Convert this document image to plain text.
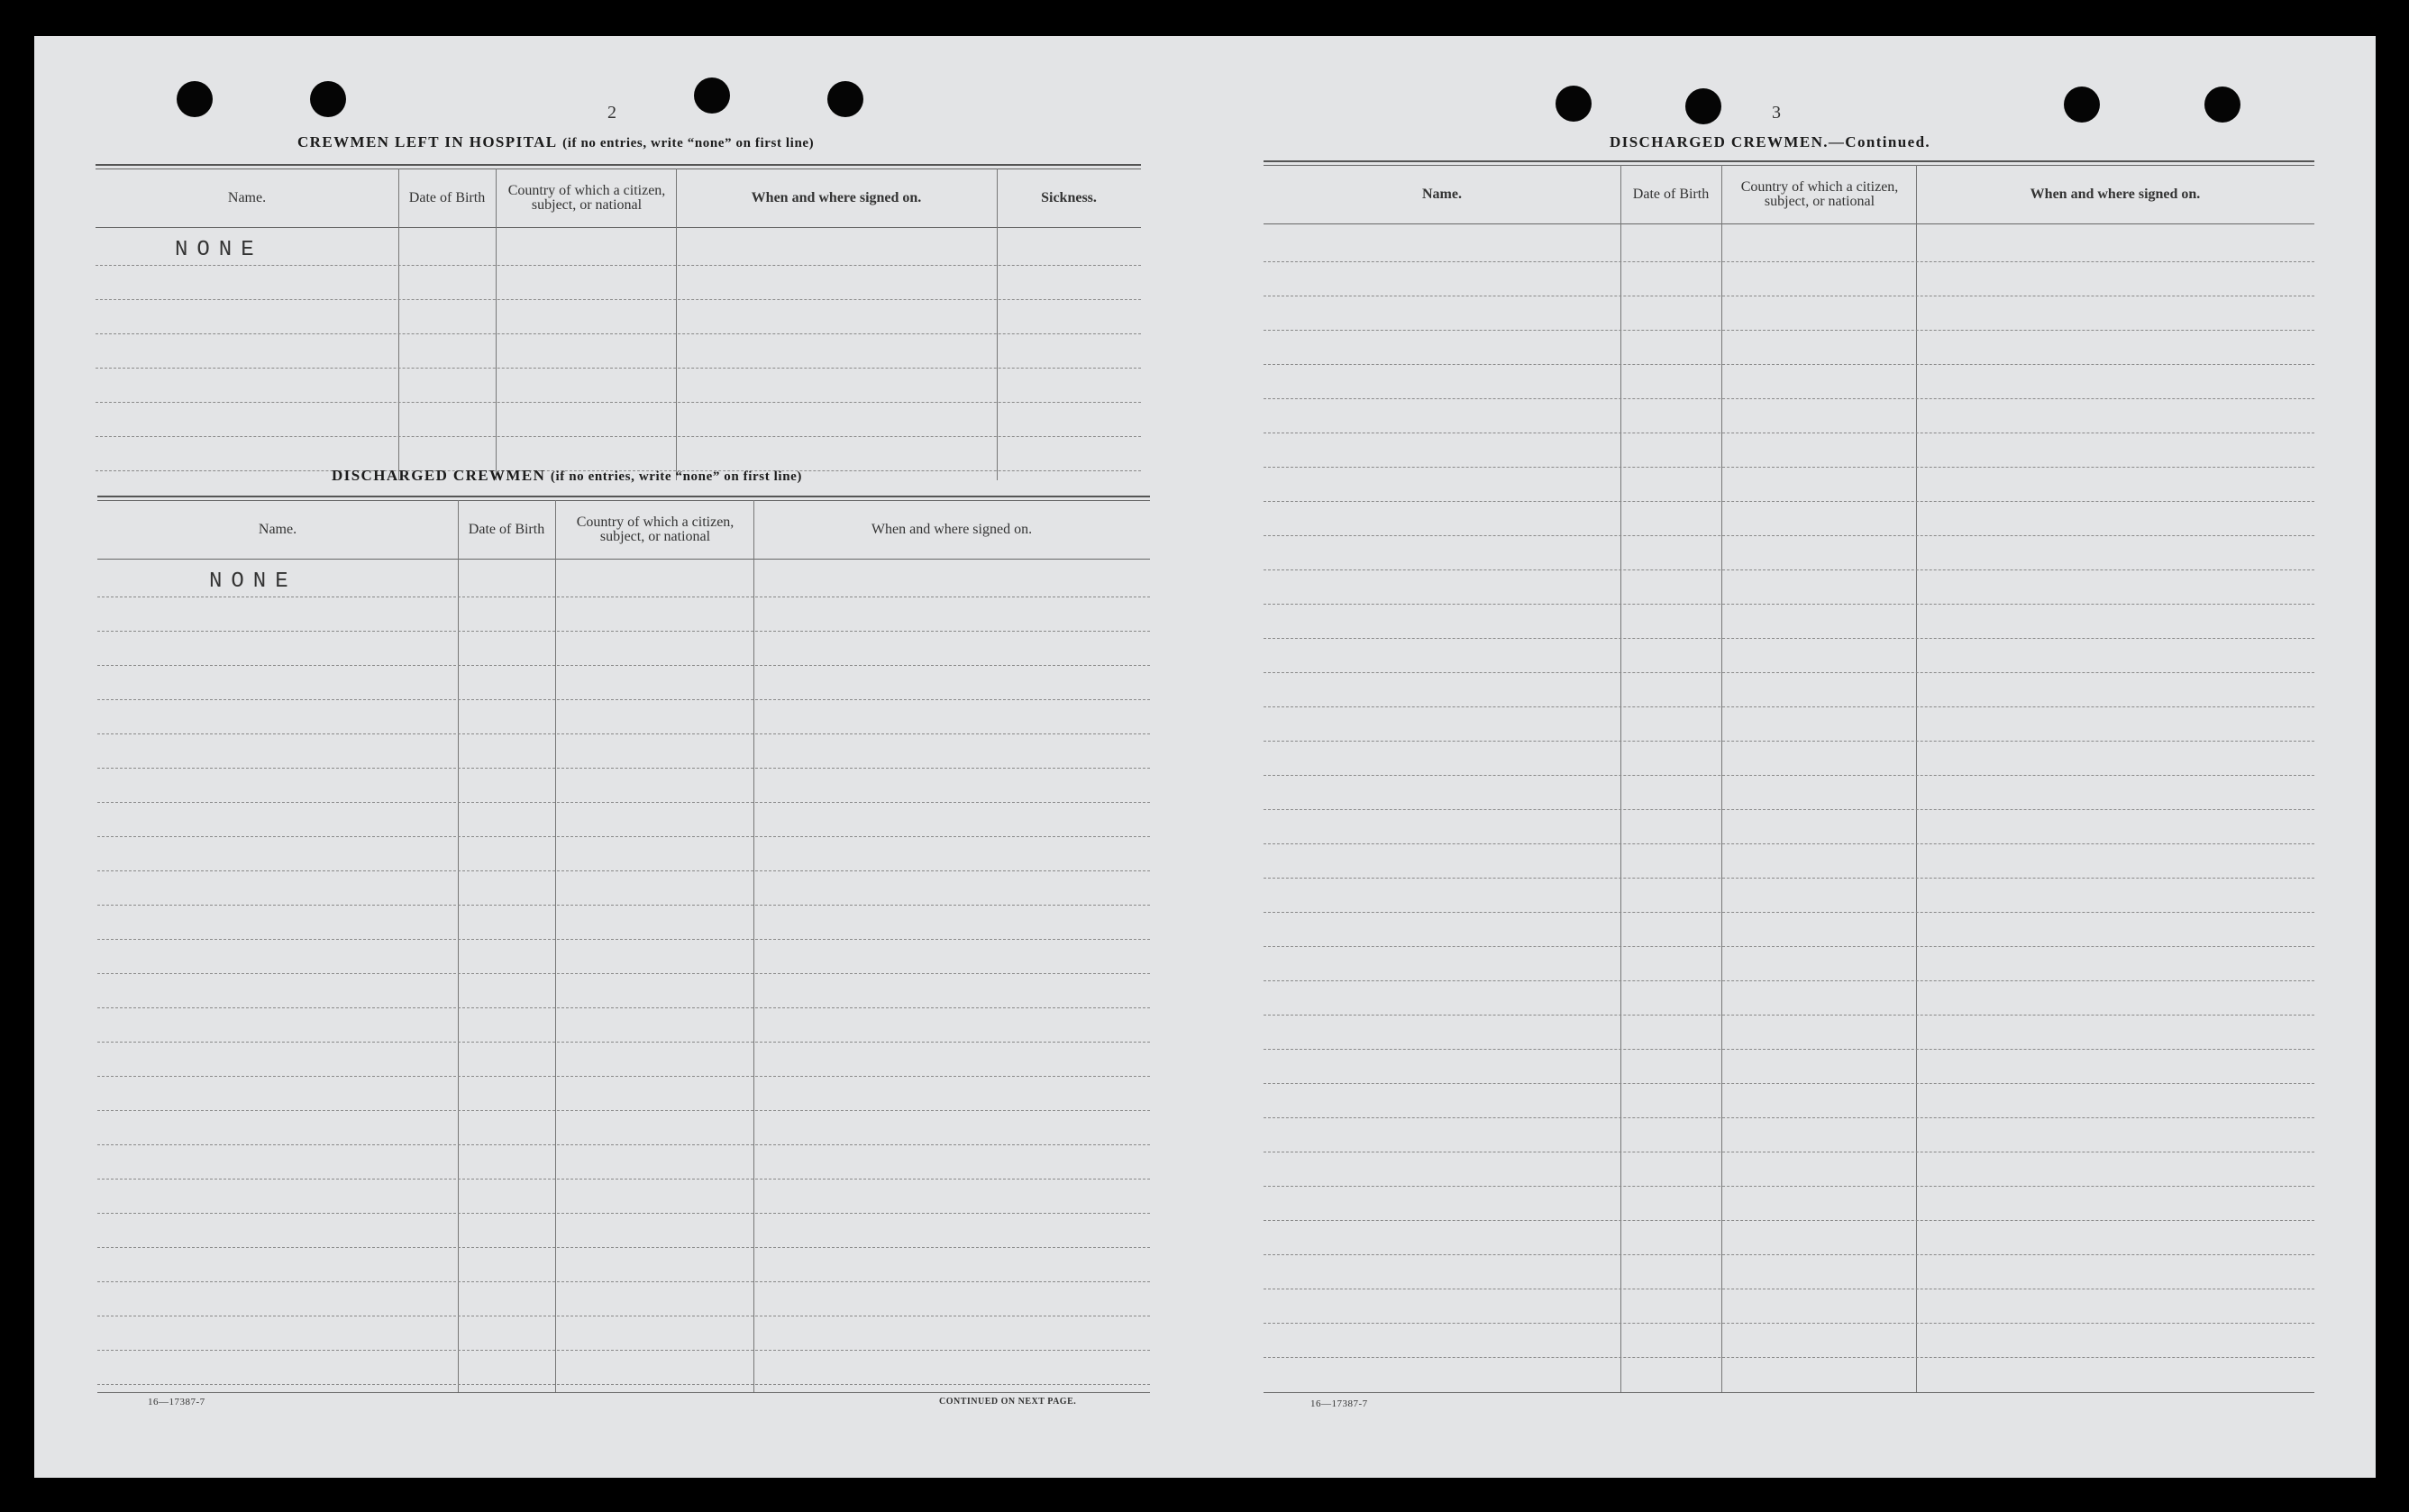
2
CREWMEN LEFT IN HOSPITAL (if no entries, write “none” on first line)
Name.	Date of Birth	Country of which a citizen, subject, or national	When and where signed on.	Sickness.
NONE
DISCHARGED CREWMEN (if no entries, write “none” on first line)
Name.	Date of Birth	Country of which a citizen, subject, or national	When and where signed on.
NONE
16—17387-7	CONTINUED ON NEXT PAGE.
3
DISCHARGED CREWMEN.—Continued.
Name.	Date of Birth	Country of which a citizen, subject, or national	When and where signed on.
16—17387-7
